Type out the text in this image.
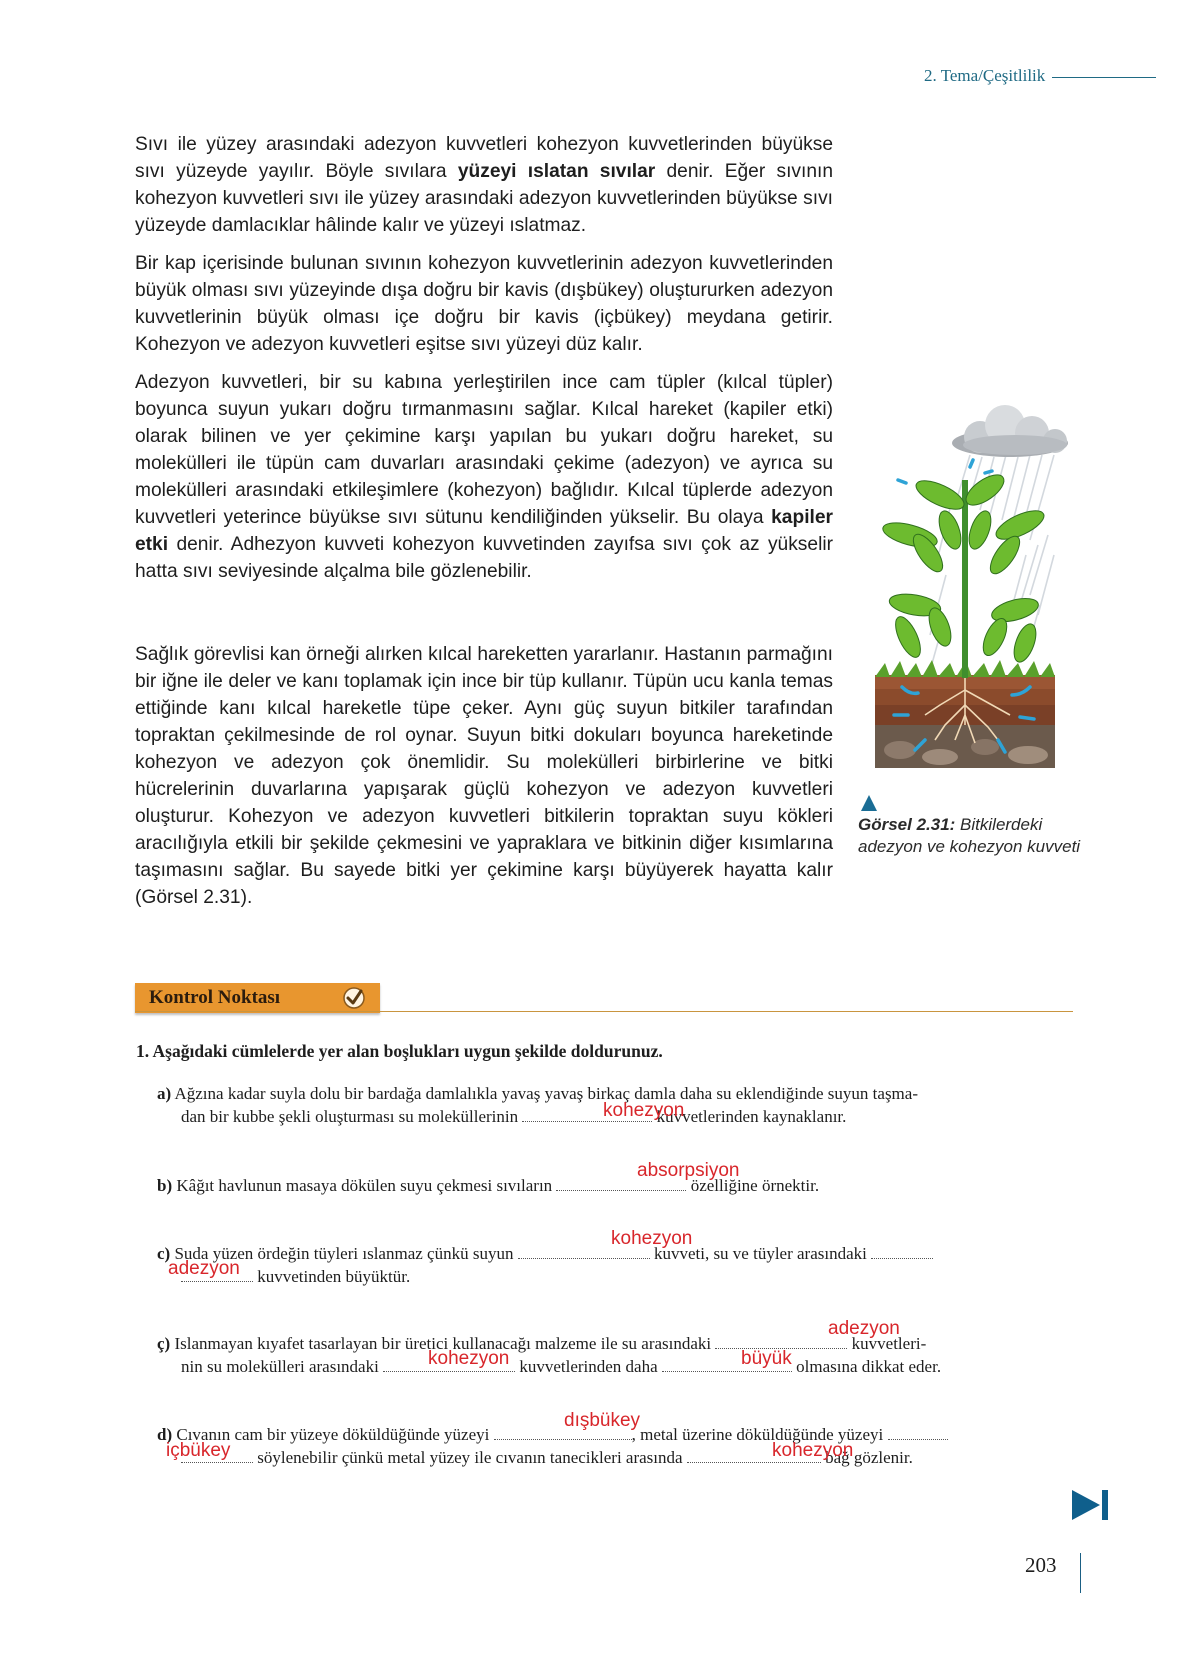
2. Tema/Çeşitlilik

Sıvı ile yüzey arasındaki adezyon kuvvetleri kohezyon kuvvetlerinden büyükse sıvı yüzeyde yayılır. Böyle sıvılara yüzeyi ıslatan sıvılar denir. Eğer sıvının kohezyon kuvvetleri sıvı ile yüzey arasındaki adezyon kuvvetlerinden büyükse sıvı yüzeyde damlacıklar hâlinde kalır ve yüzeyi ıslatmaz.

Bir kap içerisinde bulunan sıvının kohezyon kuvvetlerinin adezyon kuvvetlerinden büyük olması sıvı yüzeyinde dışa doğru bir kavis (dışbükey) oluştururken adezyon kuvvetlerinin büyük olması içe doğru bir kavis (içbükey) meydana getirir. Kohezyon ve adezyon kuvvetleri eşitse sıvı yüzeyi düz kalır.

Adezyon kuvvetleri, bir su kabına yerleştirilen ince cam tüpler (kılcal tüpler) boyunca suyun yukarı doğru tırmanmasını sağlar. Kılcal hareket (kapiler etki) olarak bilinen ve yer çekimine karşı yapılan bu yukarı doğru hareket, su molekülleri ile tüpün cam duvarları arasındaki çekime (adezyon) ve ayrıca su molekülleri arasındaki etkileşimlere (kohezyon) bağlıdır. Kılcal tüplerde adezyon kuvvetleri yeterince büyükse sıvı sütunu kendiliğinden yükselir. Bu olaya kapiler etki denir. Adhezyon kuvveti kohezyon kuvvetinden zayıfsa sıvı çok az yükselir hatta sıvı seviyesinde alçalma bile gözlenebilir.

Sağlık görevlisi kan örneği alırken kılcal hareketten yararlanır. Hastanın parmağını bir iğne ile deler ve kanı toplamak için ince bir tüp kullanır. Tüpün ucu kanla temas ettiğinde kanı kılcal hareketle tüpe çeker. Aynı güç suyun bitkiler tarafından topraktan çekilmesinde de rol oynar. Suyun bitki dokuları boyunca hareketinde kohezyon ve adezyon çok önemlidir. Su molekülleri birbirlerine ve bitki hücrelerinin duvarlarına yapışarak güçlü kohezyon ve adezyon kuvvetleri oluşturur. Kohezyon ve adezyon kuvvetleri bitkilerin topraktan suyu kökleri aracılığıyla etkili bir şekilde çekmesini ve yapraklara ve bitkinin diğer kısımlarına taşımasını sağlar. Bu sayede bitki yer çekimine karşı büyüyerek hayatta kalır (Görsel 2.31).

Görsel 2.31: Bitkilerdeki adezyon ve kohezyon kuvveti
Kontrol Noktası
1. Aşağıdaki cümlelerde yer alan boşlukları uygun şekilde doldurunuz.
a) Ağzına kadar suyla dolu bir bardağa damlalıkla yavaş yavaş birkaç damla daha su eklendiğinde suyun taşma-
dan bir kubbe şekli oluşturması su moleküllerinin	kuvvetlerinden kaynaklanır.
kohezyon
b) Kâğıt havlunun masaya dökülen suyu çekmesi sıvıların	özelliğine örnektir.
absorpsiyon
c) Suda yüzen ördeğin tüyleri ıslanmaz çünkü suyun	kuvveti, su ve tüyler arasındaki
kuvvetinden büyüktür.
kohezyon
adezyon
ç) Islanmayan kıyafet tasarlayan bir üretici kullanacağı malzeme ile su arasındaki	kuvvetleri-
nin su molekülleri arasındaki	kuvvetlerinden daha	olmasına dikkat eder.
adezyon
kohezyon	büyük
d) Cıvanın cam bir yüzeye döküldüğünde yüzeyi	, metal üzerine döküldüğünde yüzeyi
söylenebilir çünkü metal yüzey ile cıvanın tanecikleri arasında	bağ gözlenir.
dışbükey
içbükey	kohezyon
203
